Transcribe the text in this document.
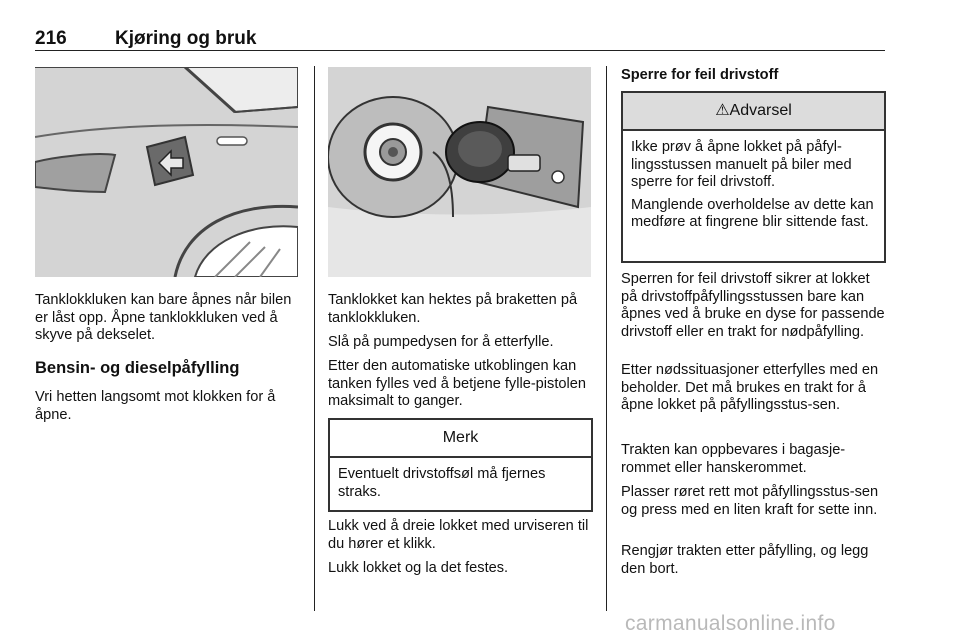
216	Kjøring og bruk

Tanklokkluken kan bare åpnes når bilen er låst opp. Åpne tanklokkluken ved å skyve på dekselet.

Bensin- og dieselpåfylling

Vri hetten langsomt mot klokken for å åpne.

Tanklokket kan hektes på braketten på tanklokkluken.

Slå på pumpedysen for å etterfylle.

Etter den automatiske utkoblingen kan tanken fylles ved å betjene fylle-pistolen maksimalt to ganger.

Merk
Eventuelt drivstoffsøl må fjernes straks.

Lukk ved å dreie lokket med urviseren til du hører et klikk.

Lukk lokket og la det festes.

Sperre for feil drivstoff
⚠Advarsel

Ikke prøv å åpne lokket på påfyl-lingsstussen manuelt på biler med sperre for feil drivstoff.

Manglende overholdelse av dette kan medføre at fingrene blir sittende fast.

Sperren for feil drivstoff sikrer at lokket på drivstoffpåfyllingsstussen bare kan åpnes ved å bruke en dyse for passende drivstoff eller en trakt for nødpåfylling.

Etter nødssituasjoner etterfylles med en beholder. Det må brukes en trakt for å åpne lokket på påfyllingsstus-sen.

Trakten kan oppbevares i bagasje-rommet eller hanskerommet.

Plasser røret rett mot påfyllingsstus-sen og press med en liten kraft for sette inn.

Rengjør trakten etter påfylling, og legg den bort.

carmanualsonline.info
